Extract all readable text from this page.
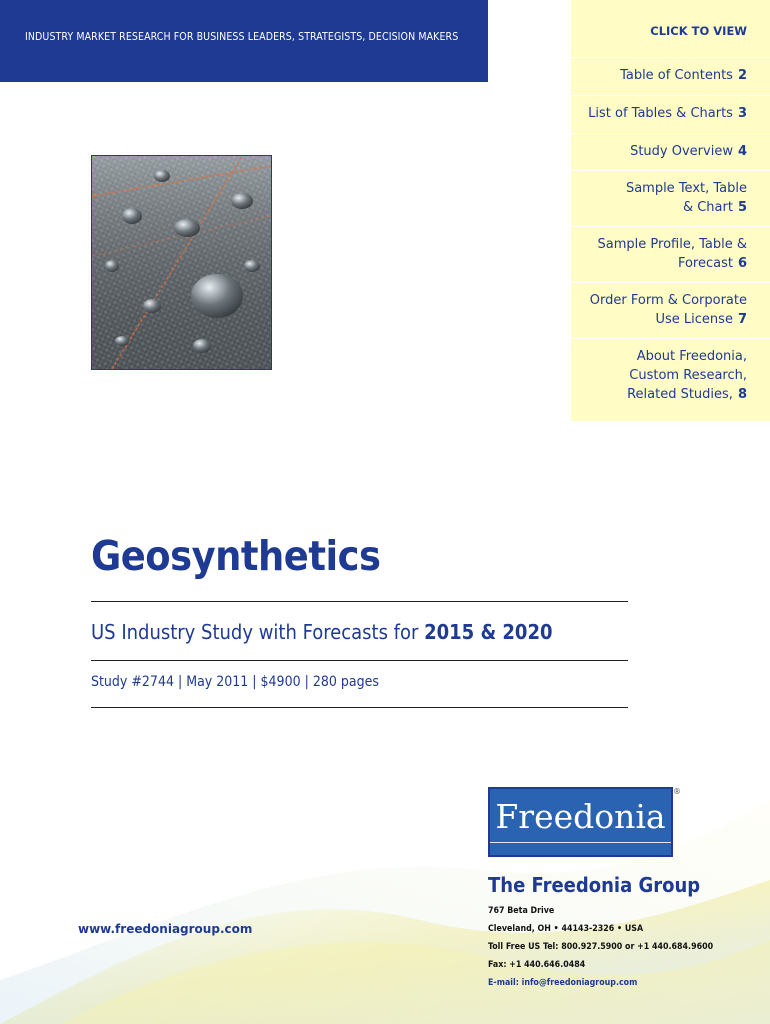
INDUSTRY MARKET RESEARCH FOR BUSINESS LEADERS, STRATEGISTS, DECISION MAKERS	CLICK TO VIEW
Table of Contents 2
List of Tables & Charts 3
Study Overview 4
Sample Text, Table
& Chart 5
Sample Profile, Table &
Forecast 6
Order Form & Corporate
Use License 7
About Freedonia,
Custom Research,
Related Studies, 8
Geosynthetics
US Industry Study with Forecasts for 2015 & 2020
Study #2744 | May 2011 | $4900 | 280 pages
www.freedoniagroup.com
Freedonia
®
The Freedonia Group
767 Beta Drive
Cleveland, OH • 44143-2326 • USA
Toll Free US Tel: 800.927.5900 or +1 440.684.9600
Fax: +1 440.646.0484
E-mail: info@freedoniagroup.com
